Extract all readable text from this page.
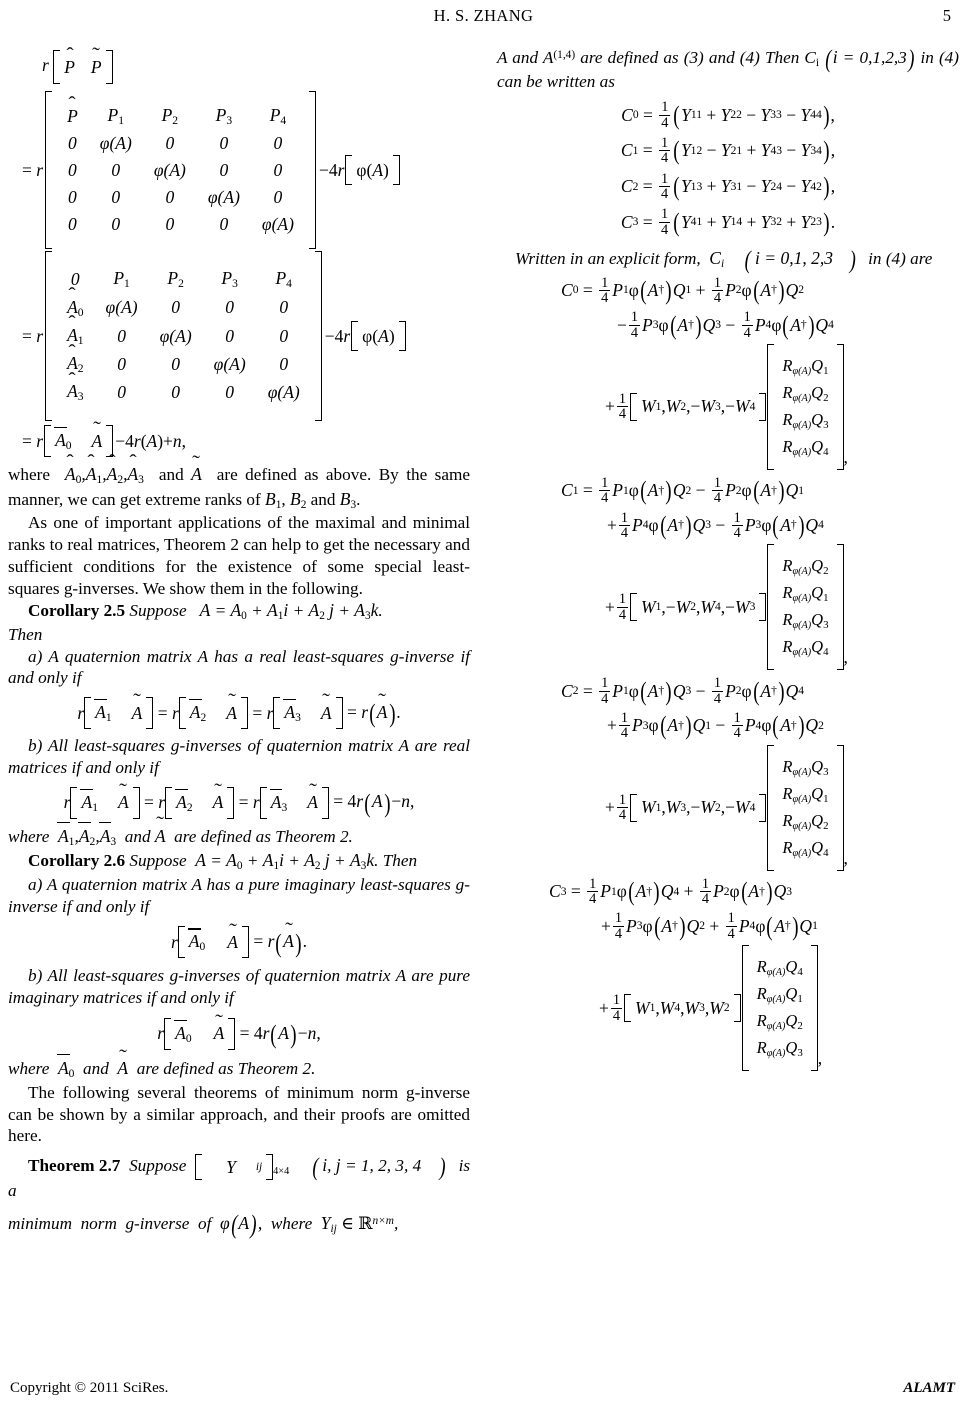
H. S. ZHANG	5
r ˆ P ˜ P
= r
ˆ P	$P_1$	$P_2$	$P_3$	$P_4$
0	φ(A)	0	0	0
0	0	φ(A)	0	0
0	0	0	φ(A)	0
0	0	0	0	φ(A)
−4r φ( A )
= r
0	$P_1$	$P_2$	$P_3$	$P_4$
ˆ A0	φ(A)	0	0	0
ˆ A1	0	φ(A)	0	0
ˆ A2	0	0	φ(A)	0
ˆ A3	0	0	0	φ(A)
−4r φ( A )
= r A0 ˜ A −4r(A)+n,

where  ˆ A0,ˆ A1,ˆ A2,ˆ A3  and ˜ A  are defined as above. By the same manner, we can get extreme ranks of $B_1$, $B_2$ and $B_3$.

As one of important applications of the maximal and minimal ranks to real matrices, Theorem 2 can help to get the necessary and sufficient conditions for the existence of some special least-squares g-inverses. We show them in the following.

Corollary 2.5 Suppose   $A = A_0 + A_1i + A_2$ $j + A_3k$.

Then

a) A quaternion matrix A has a real least-squares g-inverse if and only if

r A1 ˜ A = r A2 ˜ A = r A3 ˜ A = r ( ˜ A ) .

b) All least-squares g-inverses of quaternion matrix A are real matrices if and only if

r A1 ˜ A = r A2 ˜ A = r A3 ˜ A = 4r ( A ) −n,

where  A1,A2,A3  and ˜ A  are defined as Theorem 2.

Corollary 2.6 Suppose  $A = A_0 + A_1i + A_2$ $j + A_3k$. Then

a) A quaternion matrix A has a pure imaginary least-squares g-inverse if and only if

r A0 ˜ A = r ( ˜ A ) .

b) All least-squares g-inverses of quaternion matrix A are pure imaginary matrices if and only if

r A0 ˜ A = 4r ( A ) −n,

where  A0  and  ˜ A  are defined as Theorem 2.

The following several theorems of minimum norm g-inverse can be shown by a similar approach, and their proofs are omitted here.

Theorem 2.7  Suppose	Y	ij $_{4\times 4}$ ( i, j = 1, 2, 3, 4 ) is a

minimum  norm  g-inverse  of  φ ( A ) ,  where  $Y_{ij}$ ∈ ℝ$^{n\times m}$,

A and A$^{(1,4)}$ are defined as (3) and (4) Then $C_i$ ( i = 0,1,2,3 ) in (4) can be written as

C $0 = \frac{1}{4}$ ( Y 11 + Y 22 − Y 33 − Y 44 ) ,
C $1 = \frac{1}{4}$ ( Y 12 − Y 21 + Y 43 − Y 34 ) ,
C $2 = \frac{1}{4}$ ( Y 13 + Y 31 − Y 24 − Y 42 ) ,
C $3 = \frac{1}{4}$ ( Y 41 + Y 14 + Y 32 + Y 23 ) .

Written in an explicit form, $C_i$ ( i = 0,1, 2,3 ) in (4) are

C $0 = \frac{1}{4}$ P 1 φ ( A † ) Q $1 + \frac{1}{4}$ P 2 φ ( A † ) Q 2
− $\frac{1}{4}$ P 3 φ ( A † ) Q $3 - \frac{1}{4}$ P 4 φ ( A † ) Q 4
+ $\frac{1}{4}$ W 1 , W 2 ,− W 3 ,− W 4
Rφ(A)Q1
Rφ(A)Q2
Rφ(A)Q3
Rφ(A)Q4 ,
C $1 = \frac{1}{4}$ P 1 φ ( A † ) Q $2 - \frac{1}{4}$ P 2 φ ( A † ) Q 1
+ $\frac{1}{4}$ P 4 φ ( A † ) Q $3 - \frac{1}{4}$ P 3 φ ( A † ) Q 4
+ $\frac{1}{4}$ W 1 ,− W 2 , W 4 ,− W 3
Rφ(A)Q2
Rφ(A)Q1
Rφ(A)Q3
Rφ(A)Q4 ,
C $2 = \frac{1}{4}$ P 1 φ ( A † ) Q $3 - \frac{1}{4}$ P 2 φ ( A † ) Q 4
+ $\frac{1}{4}$ P 3 φ ( A † ) Q $1 - \frac{1}{4}$ P 4 φ ( A † ) Q 2
+ $\frac{1}{4}$ W 1 , W 3 ,− W 2 ,− W 4
Rφ(A)Q3
Rφ(A)Q1
Rφ(A)Q2
Rφ(A)Q4 ,
C $3 = \frac{1}{4}$ P 1 φ ( A † ) Q $4 + \frac{1}{4}$ P 2 φ ( A † ) Q 3
+ $\frac{1}{4}$ P 3 φ ( A † ) Q $2 + \frac{1}{4}$ P 4 φ ( A † ) Q 1
+ $\frac{1}{4}$ W 1 , W 4 , W 3 , W 2
Rφ(A)Q4
Rφ(A)Q1
Rφ(A)Q2
Rφ(A)Q3 ,
Copyright © 2011 SciRes.	ALAMT
